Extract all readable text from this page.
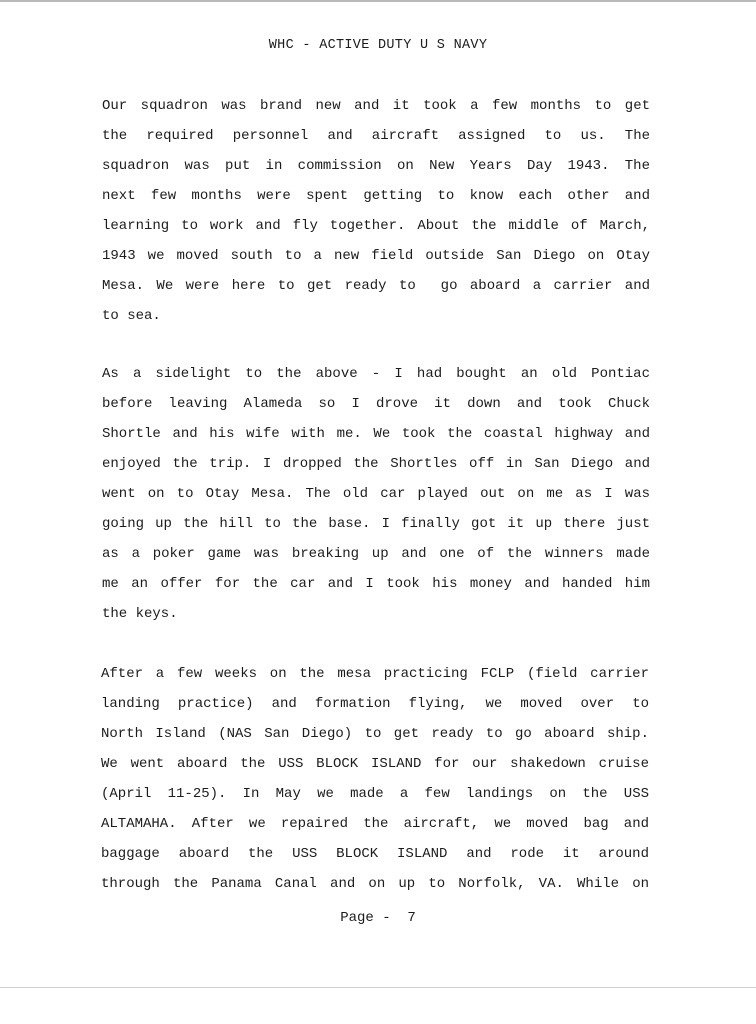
WHC - ACTIVE DUTY U S NAVY
Our squadron was brand new and it took a few months to get
the required personnel and aircraft assigned to us. The
squadron was put in commission on New Years Day 1943. The
next few months were spent getting to know each other and
learning to work and fly together. About the middle of March,
1943 we moved south to a new field outside San Diego on Otay
Mesa. We were here to get ready to  go aboard a carrier and
to sea.
As a sidelight to the above - I had bought an old Pontiac
before leaving Alameda so I drove it down and took Chuck
Shortle and his wife with me. We took the coastal highway and
enjoyed the trip. I dropped the Shortles off in San Diego and
went on to Otay Mesa. The old car played out on me as I was
going up the hill to the base. I finally got it up there just
as a poker game was breaking up and one of the winners made
me an offer for the car and I took his money and handed him
the keys.
After a few weeks on the mesa practicing FCLP (field carrier
landing practice) and formation flying, we moved over to
North Island (NAS San Diego) to get ready to go aboard ship.
We went aboard the USS BLOCK ISLAND for our shakedown cruise
(April 11-25). In May we made a few landings on the USS
ALTAMAHA. After we repaired the aircraft, we moved bag and
baggage aboard the USS BLOCK ISLAND and rode it around
through the Panama Canal and on up to Norfolk, VA. While on
Page -  7
